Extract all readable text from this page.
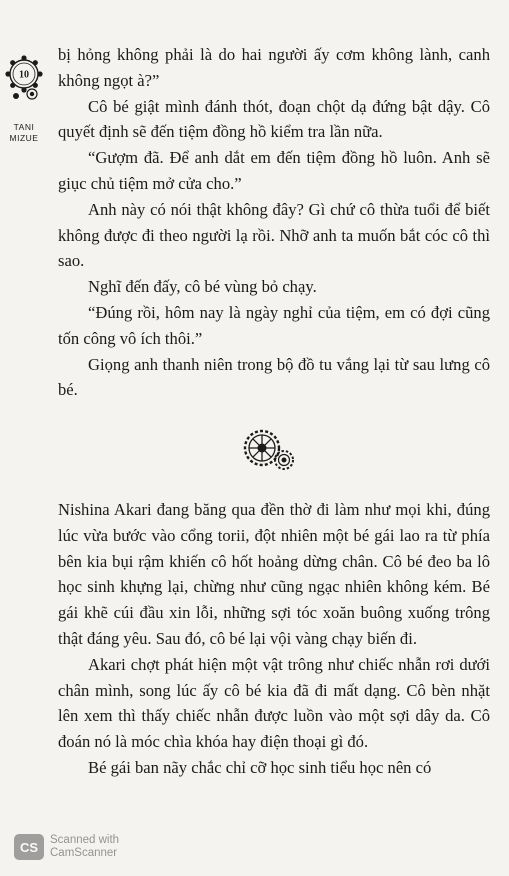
10
TANI
MIZUE

bị hỏng không phải là do hai người ấy cơm không lành, canh không ngọt à?”

Cô bé giật mình đánh thót, đoạn chột dạ đứng bật dậy. Cô quyết định sẽ đến tiệm đồng hồ kiểm tra lần nữa.

“Gượm đã. Để anh dắt em đến tiệm đồng hồ luôn. Anh sẽ giục chủ tiệm mở cửa cho.”

Anh này có nói thật không đây? Gì chứ cô thừa tuổi để biết không được đi theo người lạ rồi. Nhỡ anh ta muốn bắt cóc cô thì sao.

Nghĩ đến đấy, cô bé vùng bỏ chạy.

“Đúng rồi, hôm nay là ngày nghỉ của tiệm, em có đợi cũng tốn công vô ích thôi.”

Giọng anh thanh niên trong bộ đồ tu vắng lại từ sau lưng cô bé.

Nishina Akari đang băng qua đền thờ đi làm như mọi khi, đúng lúc vừa bước vào cổng torii, đột nhiên một bé gái lao ra từ phía bên kia bụi rậm khiến cô hốt hoảng dừng chân. Cô bé đeo ba lô học sinh khựng lại, chừng như cũng ngạc nhiên không kém. Bé gái khẽ cúi đầu xin lỗi, những sợi tóc xoăn buông xuống trông thật đáng yêu. Sau đó, cô bé lại vội vàng chạy biến đi.

Akari chợt phát hiện một vật trông như chiếc nhẫn rơi dưới chân mình, song lúc ấy cô bé kia đã đi mất dạng. Cô bèn nhặt lên xem thì thấy chiếc nhẫn được luồn vào một sợi dây da. Cô đoán nó là móc chìa khóa hay điện thoại gì đó.

Bé gái ban nãy chắc chỉ cỡ học sinh tiểu học nên có

CS	Scanned with
CamScanner
